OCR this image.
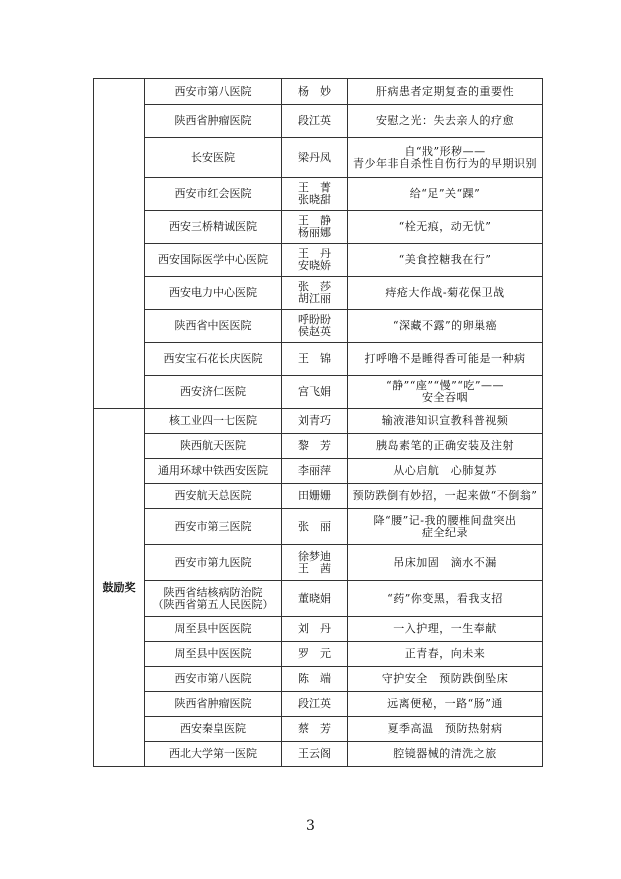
	西安市第八医院	杨　妙	肝病患者定期复查的重要性

	陕西省肿瘤医院	段江英	安慰之光：失去亲人的疗愈

	长安医院	梁丹凤	自“戕”形秽——
青少年非自杀性自伤行为的早期识别

	西安市红会医院	王　菁
张晓甜	给“足”关“踝”

	西安三桥精诚医院	王　静
杨丽娜	“栓无痕，动无忧”

	西安国际医学中心医院	王　丹
安晓娇	“美食控糖我在行”

	西安电力中心医院	张　莎
胡江丽	痔疮大作战-菊花保卫战

	陕西省中医医院	呼盼盼
侯赵英	“深藏不露”的卵巢癌

	西安宝石花长庆医院	王　锦	打呼噜不是睡得香可能是一种病

	西安济仁医院	宫飞娟	“静”“座”“慢”“吃”——
安全吞咽

鼓励奖	核工业四一七医院	刘青巧	输液港知识宣教科普视频

	陕西航天医院	黎　芳	胰岛素笔的正确安装及注射

	通用环球中铁西安医院	李丽萍	从心启航　心肺复苏

	西安航天总医院	田姗姗	预防跌倒有妙招，一起来做“不倒翁”

	西安市第三医院	张　丽	降“腰”记-我的腰椎间盘突出
症全纪录

	西安市第九医院	徐梦迪
王　茜	吊床加固　滴水不漏

	陕西省结核病防治院
（陕西省第五人民医院）	董晓娟	“药”你变黑，看我支招

	周至县中医医院	刘　丹	一入护理，一生奉献

	周至县中医医院	罗　元	正青春，向未来

	西安市第八医院	陈　端	守护安全　预防跌倒坠床

	陕西省肿瘤医院	段江英	远离便秘，一路“肠”通

	西安秦皇医院	蔡　芳	夏季高温　预防热射病

	西北大学第一医院	王云阁	腔镜器械的清洗之旅
3
